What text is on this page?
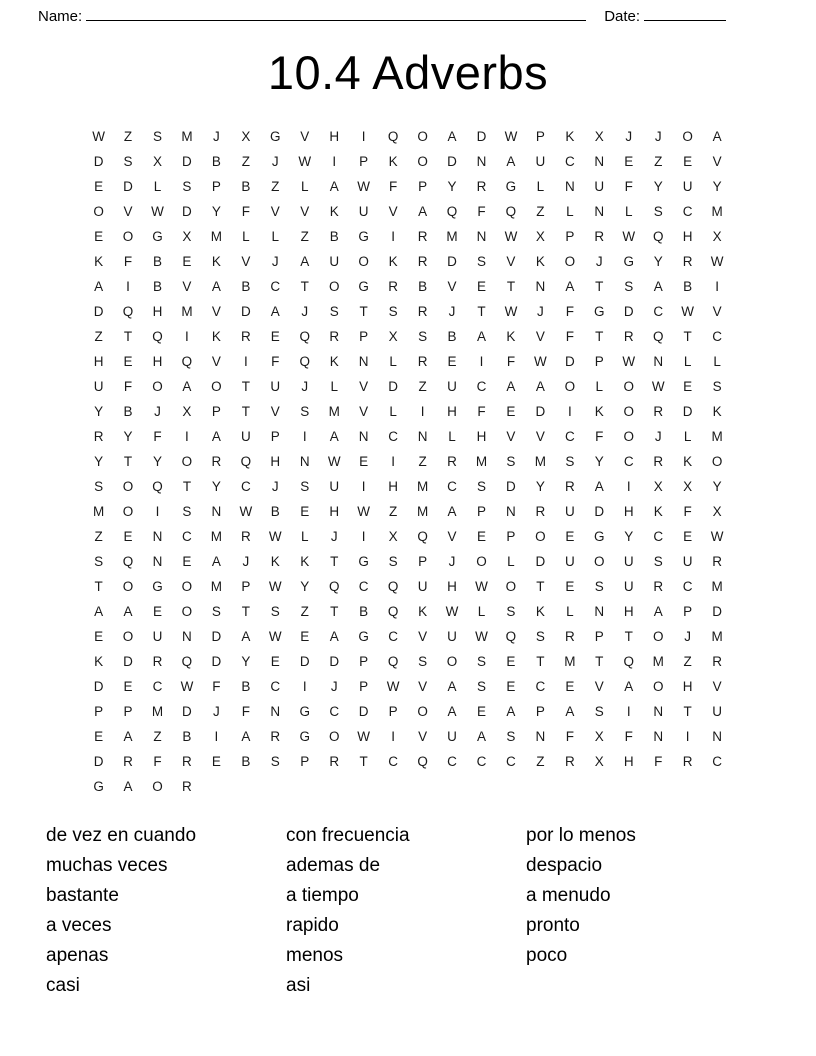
Name:	Date:
10.4 Adverbs
W	Z	S	M	J	X	G	V	H	I	Q	O	A	D	W	P	K	X	J	J	O	A
D	S	X	D	B	Z	J	W	I	P	K	O	D	N	A	U	C	N	E	Z	E	V
E	D	L	S	P	B	Z	L	A	W	F	P	Y	R	G	L	N	U	F	Y	U	Y
O	V	W	D	Y	F	V	V	K	U	V	A	Q	F	Q	Z	L	N	L	S	C	M
E	O	G	X	M	L	L	Z	B	G	I	R	M	N	W	X	P	R	W	Q	H	X
K	F	B	E	K	V	J	A	U	O	K	R	D	S	V	K	O	J	G	Y	R	W
A	I	B	V	A	B	C	T	O	G	R	B	V	E	T	N	A	T	S	A	B	I
D	Q	H	M	V	D	A	J	S	T	S	R	J	T	W	J	F	G	D	C	W	V
Z	T	Q	I	K	R	E	Q	R	P	X	S	B	A	K	V	F	T	R	Q	T	C
H	E	H	Q	V	I	F	Q	K	N	L	R	E	I	F	W	D	P	W	N	L	L
U	F	O	A	O	T	U	J	L	V	D	Z	U	C	A	A	O	L	O	W	E	S
Y	B	J	X	P	T	V	S	M	V	L	I	H	F	E	D	I	K	O	R	D	K
R	Y	F	I	A	U	P	I	A	N	C	N	L	H	V	V	C	F	O	J	L	M
Y	T	Y	O	R	Q	H	N	W	E	I	Z	R	M	S	M	S	Y	C	R	K	O
S	O	Q	T	Y	C	J	S	U	I	H	M	C	S	D	Y	R	A	I	X	X	Y
M	O	I	S	N	W	B	E	H	W	Z	M	A	P	N	R	U	D	H	K	F	X
Z	E	N	C	M	R	W	L	J	I	X	Q	V	E	P	O	E	G	Y	C	E	W
S	Q	N	E	A	J	K	K	T	G	S	P	J	O	L	D	U	O	U	S	U	R
T	O	G	O	M	P	W	Y	Q	C	Q	U	H	W	O	T	E	S	U	R	C	M
A	A	E	O	S	T	S	Z	T	B	Q	K	W	L	S	K	L	N	H	A	P	D
E	O	U	N	D	A	W	E	A	G	C	V	U	W	Q	S	R	P	T	O	J	M
K	D	R	Q	D	Y	E	D	D	P	Q	S	O	S	E	T	M	T	Q	M	Z	R
D	E	C	W	F	B	C	I	J	P	W	V	A	S	E	C	E	V	A	O	H	V
P	P	M	D	J	F	N	G	C	D	P	O	A	E	A	P	A	S	I	N	T	U
E	A	Z	B	I	A	R	G	O	W	I	V	U	A	S	N	F	X	F	N	I	N
D	R	F	R	E	B	S	P	R	T	C	Q	C	C	C	Z	R	X	H	F	R	C
G	A	O	R
de vez en cuando
muchas veces
bastante
a veces
apenas
casi
con frecuencia
ademas de
a tiempo
rapido
menos
asi
por lo menos
despacio
a menudo
pronto
poco
